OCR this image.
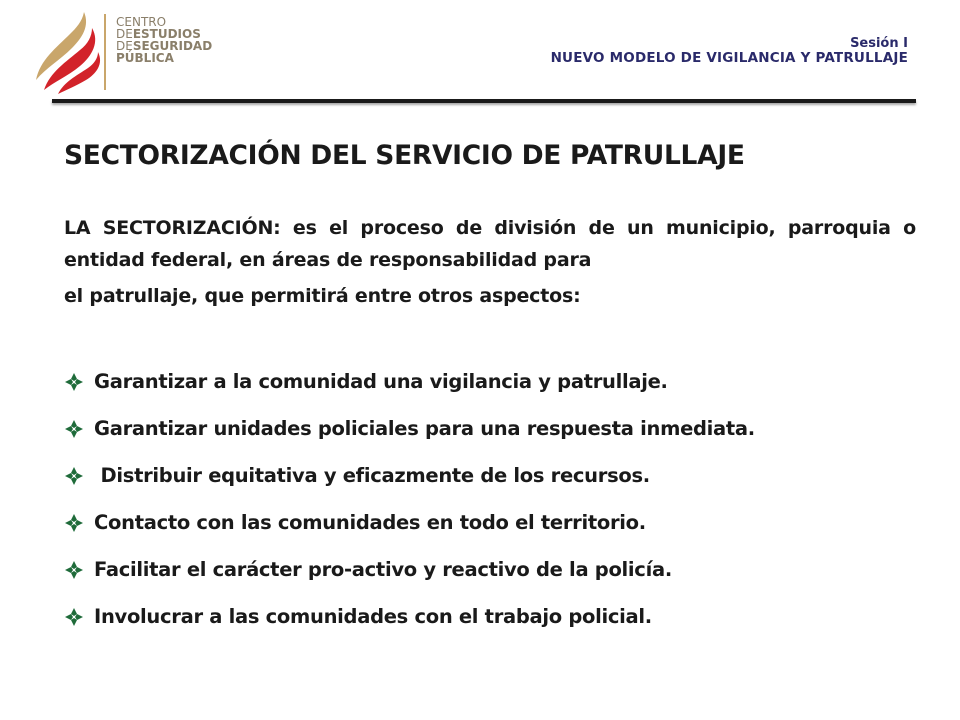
CENTRO
DEESTUDIOS
DESEGURIDAD
PÚBLICA
Sesión I
NUEVO MODELO DE VIGILANCIA Y PATRULLAJE
SECTORIZACIÓN DEL SERVICIO DE PATRULLAJE
LA SECTORIZACIÓN: es el proceso de división de un municipio, parroquia o entidad federal, en áreas de responsabilidad para
el patrullaje, que permitirá entre otros aspectos:
Garantizar a la comunidad una vigilancia y patrullaje.
Garantizar unidades policiales para una respuesta inmediata.
Distribuir equitativa y eficazmente de los recursos.
Contacto con las comunidades en todo el territorio.
Facilitar el carácter pro-activo y reactivo de la policía.
Involucrar a las comunidades con el trabajo policial.
